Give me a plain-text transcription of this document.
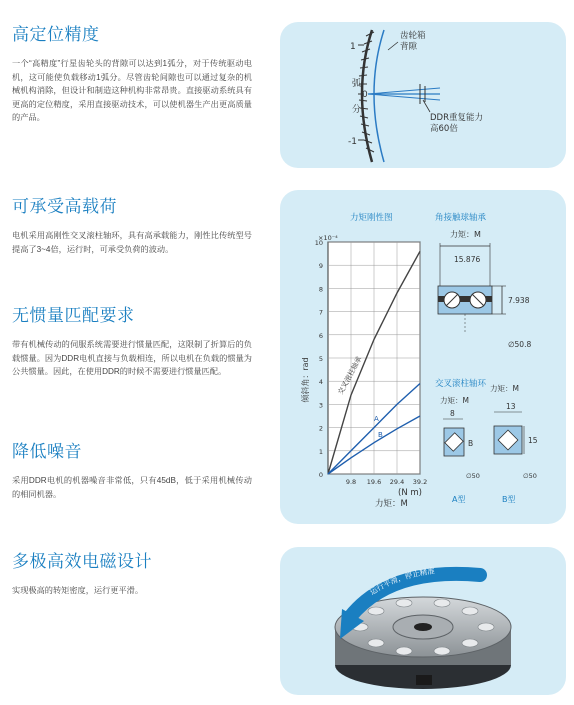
高定位精度

一个“高精度”行星齿轮头的背隙可以达到1弧分，对于传统驱动电机，这可能使负载移动1弧分。尽管齿轮间隙也可以通过复杂的机械机构消除，但设计和制造这种机构非常昂贵。直接驱动系统具有更高的定位精度，采用直接驱动技术，可以使机器生产出更高质量的产品。

可承受高载荷

电机采用高刚性交叉滚柱轴环，具有高承载能力，刚性比传统型号提高了3~4倍，运行时，可承受负荷的波动。

无惯量匹配要求

带有机械传动的伺服系统需要进行惯量匹配，这限制了折算后的负载惯量。因为DDR电机直接与负载相连，所以电机在负载的惯量为公共惯量。因此，在使用DDR的时候不需要进行惯量匹配。

降低噪音

采用DDR电机的机器噪音非常低，只有45dB，低于采用机械传动的相同机器。

多极高效电磁设计

实现极高的转矩密度，运行更平滑。

1
0
-1
弧
分
齿轮箱
背隙
DDR重复能力
高60倍
力矩刚性图
×10⁻⁴
倾斜角：rad
力矩：M
(N m)
0
1
2
3
4
5
6
7
8
9
10
9.8 19.6 29.4 39.2
交叉滚柱轴承
A
B
角接触球轴承
力矩：M
15.876
7.938
∅50.8
交叉滚柱轴环
力矩：M
8
B
∅50
A型
力矩：M
13
15
∅50
B型
运行平滑，停止精准
